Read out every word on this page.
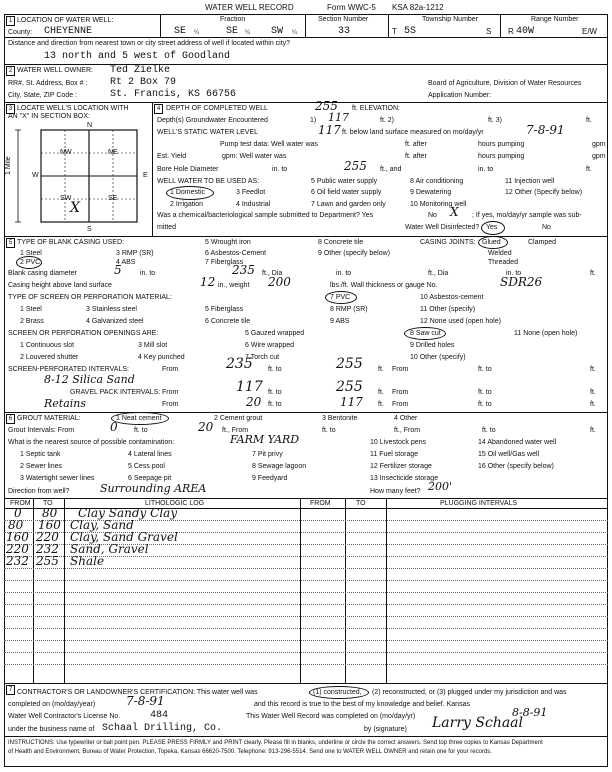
WATER WELL RECORD	Form WWC-5 KSA 82a-1212
1
2
3	4
5
6
7
LOCATION OF WATER WELL:
County: CHEYENNE
Fraction
SE ¼	SE ¼ SW ¼
Section Number
33
Township Number
T 5S	S
Range Number
R 40W	E/W
Distance and direction from nearest town or city street address of well if located within city?
13 north and 5 west of Goodland
WATER WELL OWNER: Ted Zielke
RR#, St. Address, Box # : Rt 2 Box 79
City, State, ZIP Code :	St. Francis, KS 66756
Board of Agriculture, Division of Water Resources
Application Number:
LOCATE WELL'S LOCATION WITH
AN "X" IN SECTION BOX:
N
S
W	E
1 Mile
NW	NE
SW	SE
X
DEPTH OF COMPLETED WELL	255 ft. ELEVATION:
Depth(s) Groundwater Encountered	1) 117	ft. 2)	ft. 3)	ft.
WELL'S STATIC WATER LEVEL	117 ft. below land surface measured on mo/day/yr	7-8-91
Pump test data: Well water was	ft. after	hours pumping	gpm
Est. Yield	gpm: Well water was	ft. after	hours pumping	gpm
Bore Hole Diameter	in. to	255 ft., and	in. to	ft.
WELL WATER TO BE USED AS:
1 Domestic
2 Irrigation
3 Feedlot
4 Industrial
5 Public water supply
6 Oil field water supply
7 Lawn and garden only
8 Air conditioning
9 Dewatering
10 Monitoring well
11 Injection well
12 Other (Specify below)
Was a chemical/bacteriological sample submitted to Department? Yes	No X ; If yes, mo/day/yr sample was sub-
mitted	Water Well Disinfected? Yes	No
TYPE OF BLANK CASING USED:
1 Steel
2 PVC
3 RMP (SR)
4 ABS
5 Wrought iron
6 Asbestos-Cement
7 Fiberglass
8 Concrete tile
9 Other (specify below)
CASING JOINTS: Glued	Clamped
Welded
Threaded
Blank casing diameter	5	in. to	235 ft., Dia	in. to	ft., Dia	in. to	ft.
Casing height above land surface	12 in., weight 200	lbs./ft. Wall thickness or gauge No.	SDR26
TYPE OF SCREEN OR PERFORATION MATERIAL:	7 PVC	10 Asbestos-cement
1 Steel
2 Brass
3 Stainless steel
4 Galvanized steel
5 Fiberglass
6 Concrete tile
8 RMP (SR)
9 ABS
11 Other (specify)
12 None used (open hole)
SCREEN OR PERFORATION OPENINGS ARE:
1 Continuous slot
2 Louvered shutter
3 Mill slot
4 Key punched
5 Gauzed wrapped
6 Wire wrapped
7 Torch cut
8 Saw cut
9 Drilled holes
10 Other (specify)
11 None (open hole)
SCREEN-PERFORATED INTERVALS:	From	235 ft. to	255 ft. From	ft. to	ft.
8-12 Silica Sand
GRAVEL PACK INTERVALS: From	117 ft. to	255 ft. From	ft. to	ft.
Retains	From	20 ft. to	117 ft. From	ft. to	ft.
GROUT MATERIAL:	1 Neat cement	2 Cement grout	3 Bentonite	4 Other
Grout Intervals: From	0 ft. to	20 ft., From	ft. to	ft., From	ft. to	ft.
What is the nearest source of possible contamination:	FARM YARD
1 Septic tank
2 Sewer lines
3 Watertight sewer lines
4 Lateral lines
5 Cess pool
6 Seepage pit
7 Pit privy
8 Sewage lagoon
9 Feedyard
10 Livestock pens
11 Fuel storage
12 Fertilizer storage
13 Insecticide storage
14 Abandoned water well
15 Oil well/Gas well
16 Other (specify below)
Direction from well?	Surrounding AREA	How many feet? 200'
FROM TO	LITHOLOGIC LOG	FROM	TO	PLUGGING INTERVALS
0 80 Clay Sandy Clay
80 160 Clay, Sand
160 220 Clay, Sand Gravel
220 232 Sand, Gravel
232 255 Shale
CONTRACTOR'S OR LANDOWNER'S CERTIFICATION: This water well was	(1) constructed, (2) reconstructed, or (3) plugged under my jurisdiction and was
completed on (mo/day/year)	7-8-91	and this record is true to the best of my knowledge and belief. Kansas
Water Well Contractor's License No.	484	This Water Well Record was completed on (mo/day/yr)	8-8-91
under the business name of Schaal Drilling, Co.	by (signature) Larry Schaal
INSTRUCTIONS: Use typewriter or ball point pen. PLEASE PRESS FIRMLY and PRINT clearly. Please fill in blanks, underline or circle the correct answers. Send top three copies to Kansas Department
of Health and Environment, Bureau of Water Protection, Topeka, Kansas 66620-7500. Telephone: 913-296-5514. Send one to WATER WELL OWNER and retain one for your records.
